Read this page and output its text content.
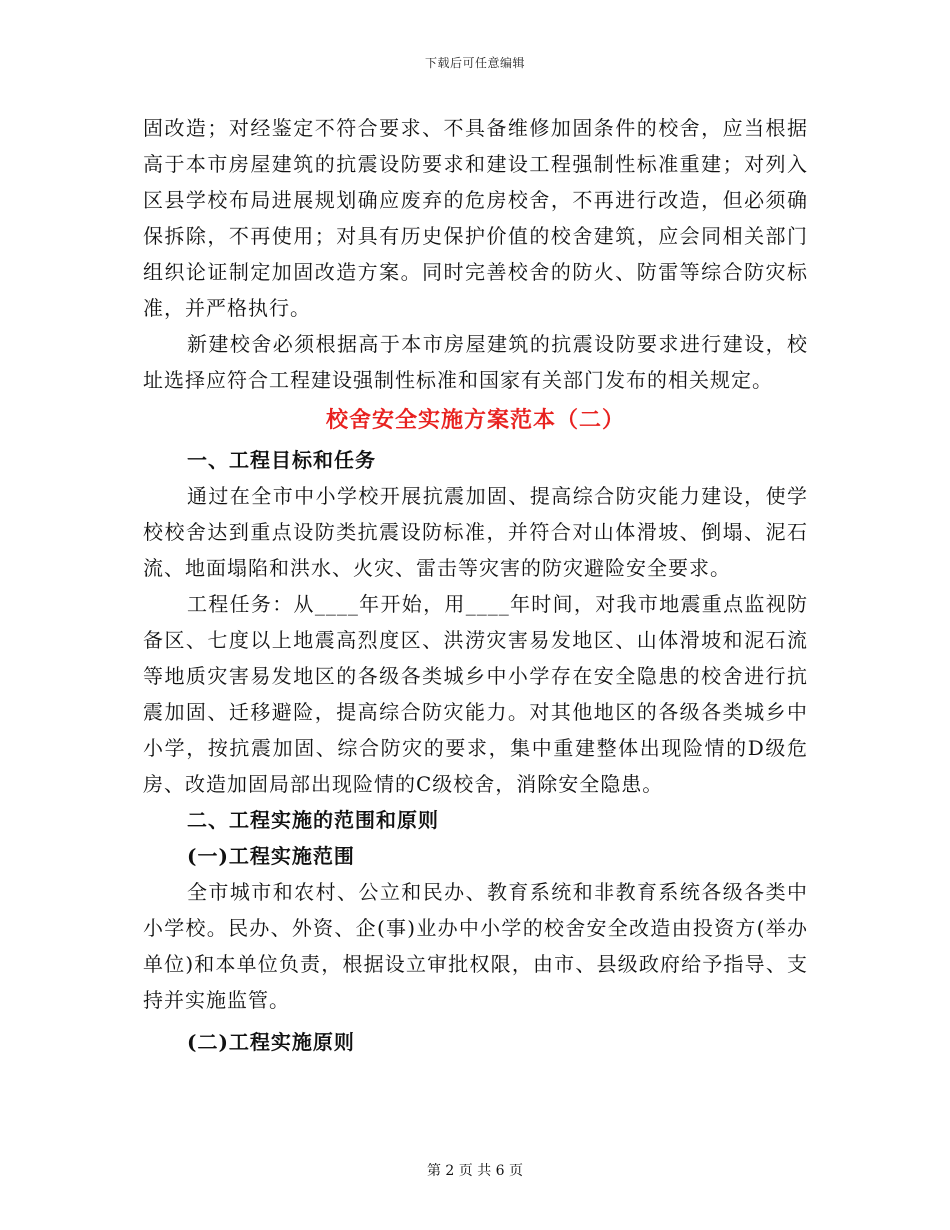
下载后可任意编辑

固改造；对经鉴定不符合要求、不具备维修加固条件的校舍，应当根据高于本市房屋建筑的抗震设防要求和建设工程强制性标准重建；对列入区县学校布局进展规划确应废弃的危房校舍，不再进行改造，但必须确保拆除，不再使用；对具有历史保护价值的校舍建筑，应会同相关部门组织论证制定加固改造方案。同时完善校舍的防火、防雷等综合防灾标准，并严格执行。

新建校舍必须根据高于本市房屋建筑的抗震设防要求进行建设，校址选择应符合工程建设强制性标准和国家有关部门发布的相关规定。

校舍安全实施方案范本（二）

一、工程目标和任务

通过在全市中小学校开展抗震加固、提高综合防灾能力建设，使学校校舍达到重点设防类抗震设防标准，并符合对山体滑坡、倒塌、泥石流、地面塌陷和洪水、火灾、雷击等灾害的防灾避险安全要求。

工程任务：从____年开始，用____年时间，对我市地震重点监视防备区、七度以上地震高烈度区、洪涝灾害易发地区、山体滑坡和泥石流等地质灾害易发地区的各级各类城乡中小学存在安全隐患的校舍进行抗震加固、迁移避险，提高综合防灾能力。对其他地区的各级各类城乡中小学，按抗震加固、综合防灾的要求，集中重建整体出现险情的D级危房、改造加固局部出现险情的C级校舍，消除安全隐患。

二、工程实施的范围和原则

(一)工程实施范围

全市城市和农村、公立和民办、教育系统和非教育系统各级各类中小学校。民办、外资、企(事)业办中小学的校舍安全改造由投资方(举办单位)和本单位负责，根据设立审批权限，由市、县级政府给予指导、支持并实施监管。

(二)工程实施原则

第 2 页 共 6 页
